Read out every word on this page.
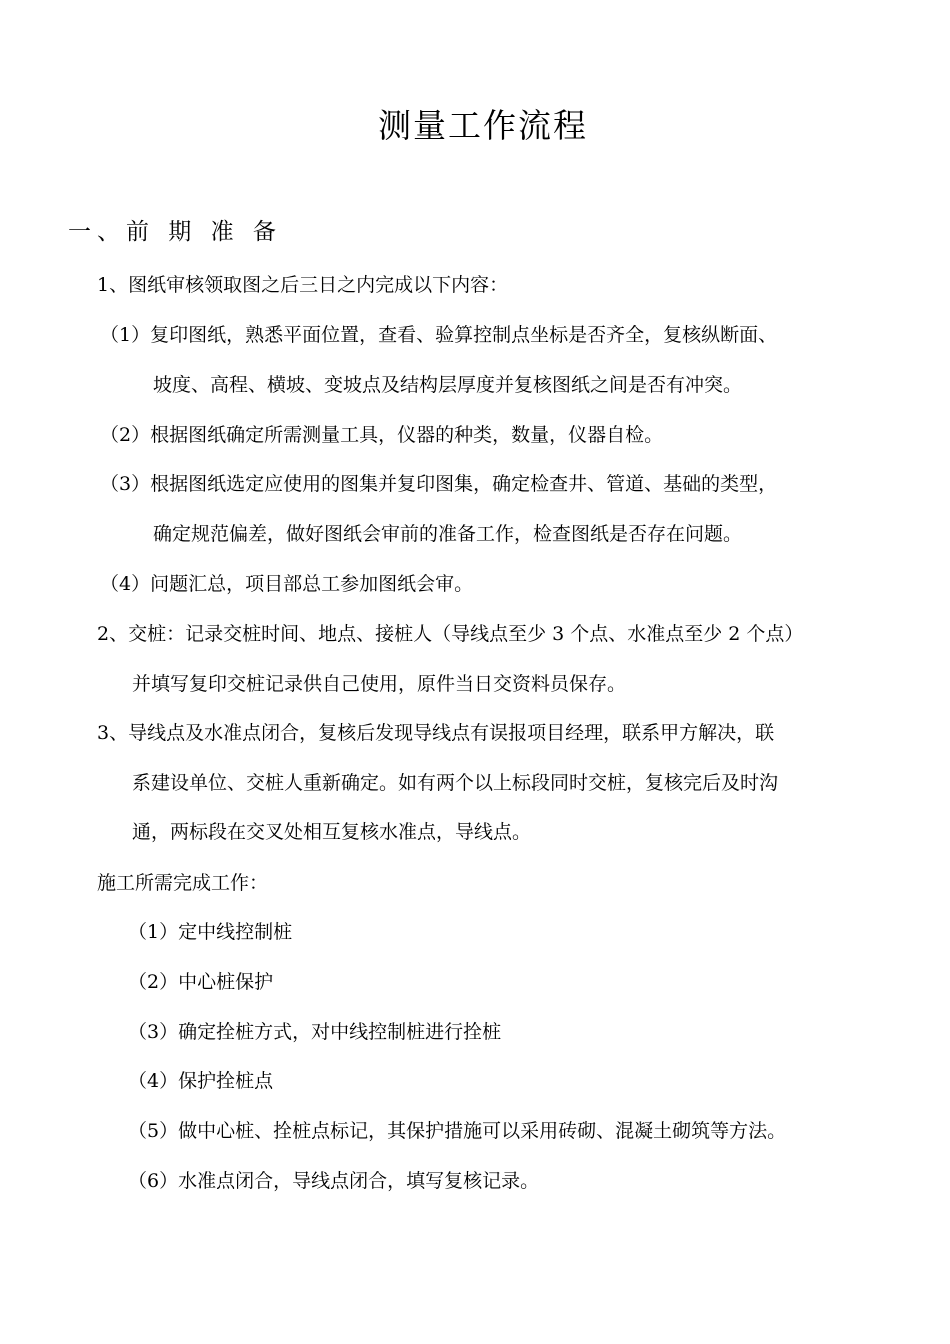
测量工作流程
一、前 期 准 备
1、图纸审核领取图之后三日之内完成以下内容：
（1）复印图纸，熟悉平面位置，查看、验算控制点坐标是否齐全，复核纵断面、
坡度、高程、横坡、变坡点及结构层厚度并复核图纸之间是否有冲突。
（2）根据图纸确定所需测量工具，仪器的种类，数量，仪器自检。
（3）根据图纸选定应使用的图集并复印图集，确定检查井、管道、基础的类型，
确定规范偏差，做好图纸会审前的准备工作，检查图纸是否存在问题。
（4）问题汇总，项目部总工参加图纸会审。
2、交桩：记录交桩时间、地点、接桩人（导线点至少 3 个点、水准点至少 2 个点）
并填写复印交桩记录供自己使用，原件当日交资料员保存。
3、导线点及水准点闭合，复核后发现导线点有误报项目经理，联系甲方解决，联
系建设单位、交桩人重新确定。如有两个以上标段同时交桩，复核完后及时沟
通，两标段在交叉处相互复核水准点，导线点。
施工所需完成工作：
（1）定中线控制桩
（2）中心桩保护
（3）确定拴桩方式，对中线控制桩进行拴桩
（4）保护拴桩点
（5）做中心桩、拴桩点标记，其保护措施可以采用砖砌、混凝土砌筑等方法。
（6）水准点闭合，导线点闭合，填写复核记录。
